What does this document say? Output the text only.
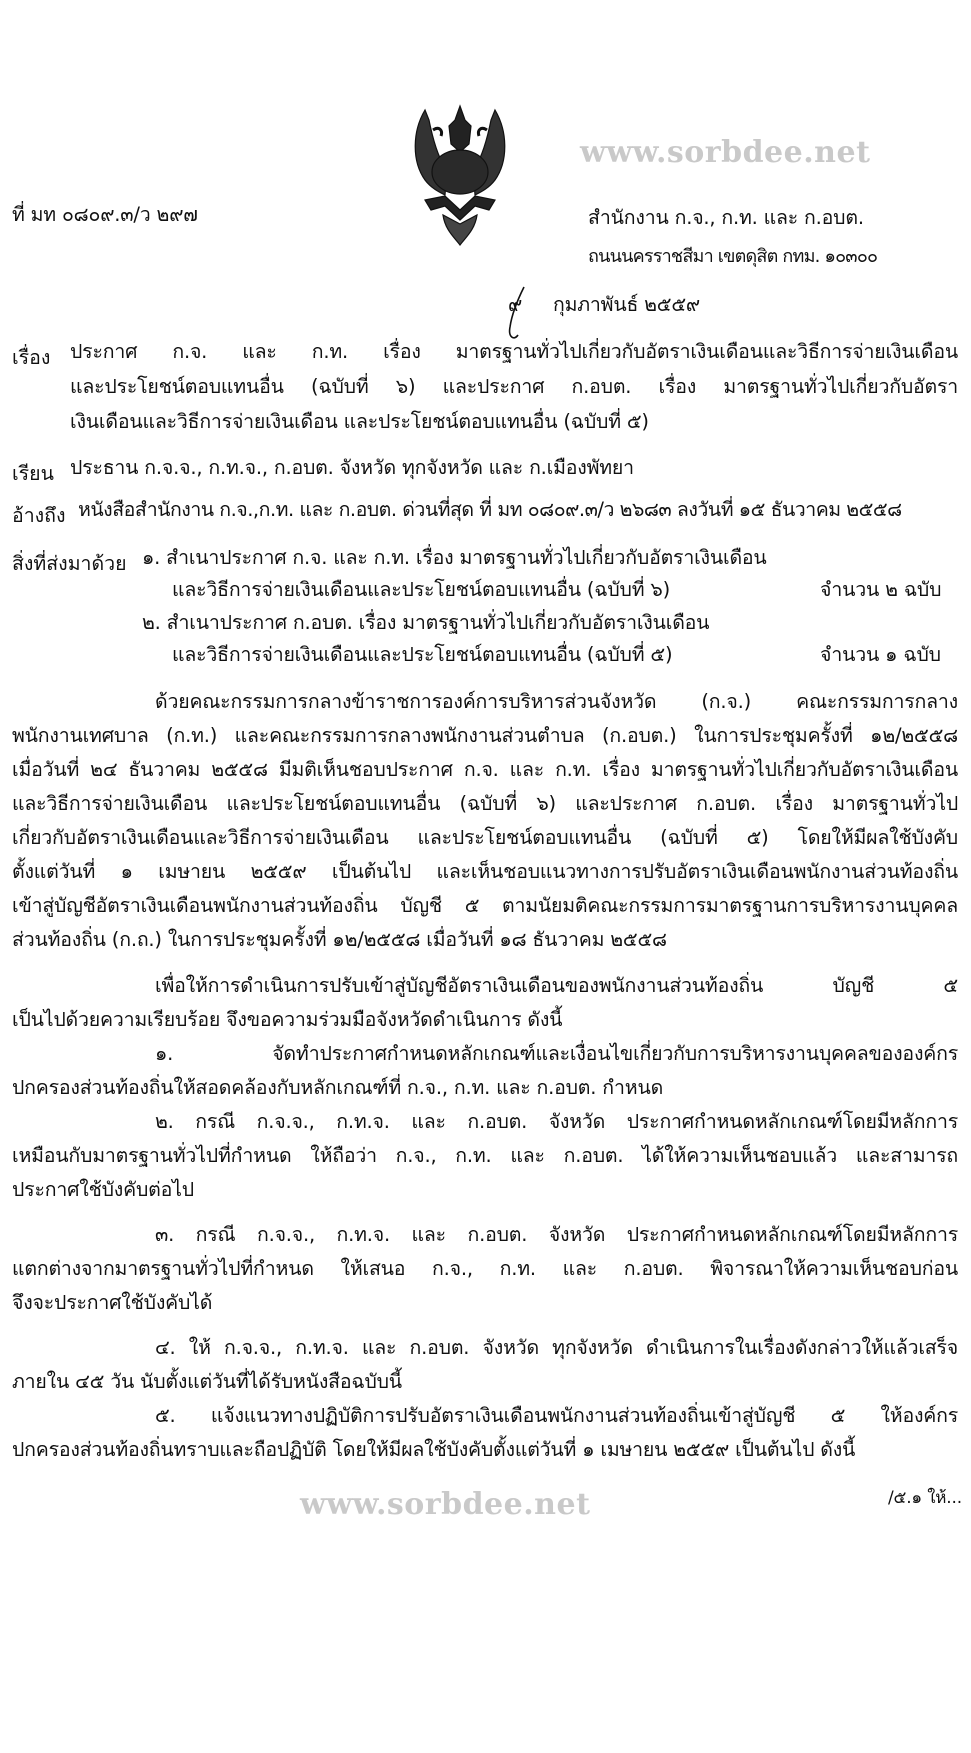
www.sorbdee.net
ที่ มท ๐๘๐๙.๓/ว ๒๙๗	สำนักงาน ก.จ., ก.ท. และ ก.อบต.
ถนนนครราชสีมา เขตดุสิต กทม. ๑๐๓๐๐
๙ กุมภาพันธ์ ๒๕๕๙
เรื่อง ประกาศ ก.จ. และ ก.ท. เรื่อง มาตรฐานทั่วไปเกี่ยวกับอัตราเงินเดือนและวิธีการจ่ายเงินเดือน
และประโยชน์ตอบแทนอื่น (ฉบับที่ ๖) และประกาศ ก.อบต. เรื่อง มาตรฐานทั่วไปเกี่ยวกับอัตรา
เงินเดือนและวิธีการจ่ายเงินเดือน และประโยชน์ตอบแทนอื่น (ฉบับที่ ๕)
เรียน ประธาน ก.จ.จ., ก.ท.จ., ก.อบต. จังหวัด ทุกจังหวัด และ ก.เมืองพัทยา
อ้างถึง หนังสือสำนักงาน ก.จ.,ก.ท. และ ก.อบต. ด่วนที่สุด ที่ มท ๐๘๐๙.๓/ว ๒๖๘๓ ลงวันที่ ๑๕ ธันวาคม ๒๕๕๘
สิ่งที่ส่งมาด้วย ๑. สำเนาประกาศ ก.จ. และ ก.ท. เรื่อง มาตรฐานทั่วไปเกี่ยวกับอัตราเงินเดือน
และวิธีการจ่ายเงินเดือนและประโยชน์ตอบแทนอื่น (ฉบับที่ ๖)	จำนวน ๒ ฉบับ
๒. สำเนาประกาศ ก.อบต. เรื่อง มาตรฐานทั่วไปเกี่ยวกับอัตราเงินเดือน
และวิธีการจ่ายเงินเดือนและประโยชน์ตอบแทนอื่น (ฉบับที่ ๕)	จำนวน ๑ ฉบับ
ด้วยคณะกรรมการกลางข้าราชการองค์การบริหารส่วนจังหวัด (ก.จ.) คณะกรรมการกลาง
พนักงานเทศบาล (ก.ท.) และคณะกรรมการกลางพนักงานส่วนตำบล (ก.อบต.) ในการประชุมครั้งที่ ๑๒/๒๕๕๘
เมื่อวันที่ ๒๔ ธันวาคม ๒๕๕๘ มีมติเห็นชอบประกาศ ก.จ. และ ก.ท. เรื่อง มาตรฐานทั่วไปเกี่ยวกับอัตราเงินเดือน
และวิธีการจ่ายเงินเดือน และประโยชน์ตอบแทนอื่น (ฉบับที่ ๖) และประกาศ ก.อบต. เรื่อง มาตรฐานทั่วไป
เกี่ยวกับอัตราเงินเดือนและวิธีการจ่ายเงินเดือน และประโยชน์ตอบแทนอื่น (ฉบับที่ ๕) โดยให้มีผลใช้บังคับ
ตั้งแต่วันที่ ๑ เมษายน ๒๕๕๙ เป็นต้นไป และเห็นชอบแนวทางการปรับอัตราเงินเดือนพนักงานส่วนท้องถิ่น
เข้าสู่บัญชีอัตราเงินเดือนพนักงานส่วนท้องถิ่น บัญชี ๕ ตามนัยมติคณะกรรมการมาตรฐานการบริหารงานบุคคล
ส่วนท้องถิ่น (ก.ถ.) ในการประชุมครั้งที่ ๑๒/๒๕๕๘ เมื่อวันที่ ๑๘ ธันวาคม ๒๕๕๘
เพื่อให้การดำเนินการปรับเข้าสู่บัญชีอัตราเงินเดือนของพนักงานส่วนท้องถิ่น บัญชี ๕
เป็นไปด้วยความเรียบร้อย จึงขอความร่วมมือจังหวัดดำเนินการ ดังนี้
๑. จัดทำประกาศกำหนดหลักเกณฑ์และเงื่อนไขเกี่ยวกับการบริหารงานบุคคลขององค์กร
ปกครองส่วนท้องถิ่นให้สอดคล้องกับหลักเกณฑ์ที่ ก.จ., ก.ท. และ ก.อบต. กำหนด
๒. กรณี ก.จ.จ., ก.ท.จ. และ ก.อบต. จังหวัด ประกาศกำหนดหลักเกณฑ์โดยมีหลักการ
เหมือนกับมาตรฐานทั่วไปที่กำหนด ให้ถือว่า ก.จ., ก.ท. และ ก.อบต. ได้ให้ความเห็นชอบแล้ว และสามารถ
ประกาศใช้บังคับต่อไป
๓. กรณี ก.จ.จ., ก.ท.จ. และ ก.อบต. จังหวัด ประกาศกำหนดหลักเกณฑ์โดยมีหลักการ
แตกต่างจากมาตรฐานทั่วไปที่กำหนด ให้เสนอ ก.จ., ก.ท. และ ก.อบต. พิจารณาให้ความเห็นชอบก่อน
จึงจะประกาศใช้บังคับได้
๔. ให้ ก.จ.จ., ก.ท.จ. และ ก.อบต. จังหวัด ทุกจังหวัด ดำเนินการในเรื่องดังกล่าวให้แล้วเสร็จ
ภายใน ๔๕ วัน นับตั้งแต่วันที่ได้รับหนังสือฉบับนี้
๕. แจ้งแนวทางปฏิบัติการปรับอัตราเงินเดือนพนักงานส่วนท้องถิ่นเข้าสู่บัญชี ๕ ให้องค์กร
ปกครองส่วนท้องถิ่นทราบและถือปฏิบัติ โดยให้มีผลใช้บังคับตั้งแต่วันที่ ๑ เมษายน ๒๕๕๙ เป็นต้นไป ดังนี้
/๕.๑ ให้...
www.sorbdee.net
